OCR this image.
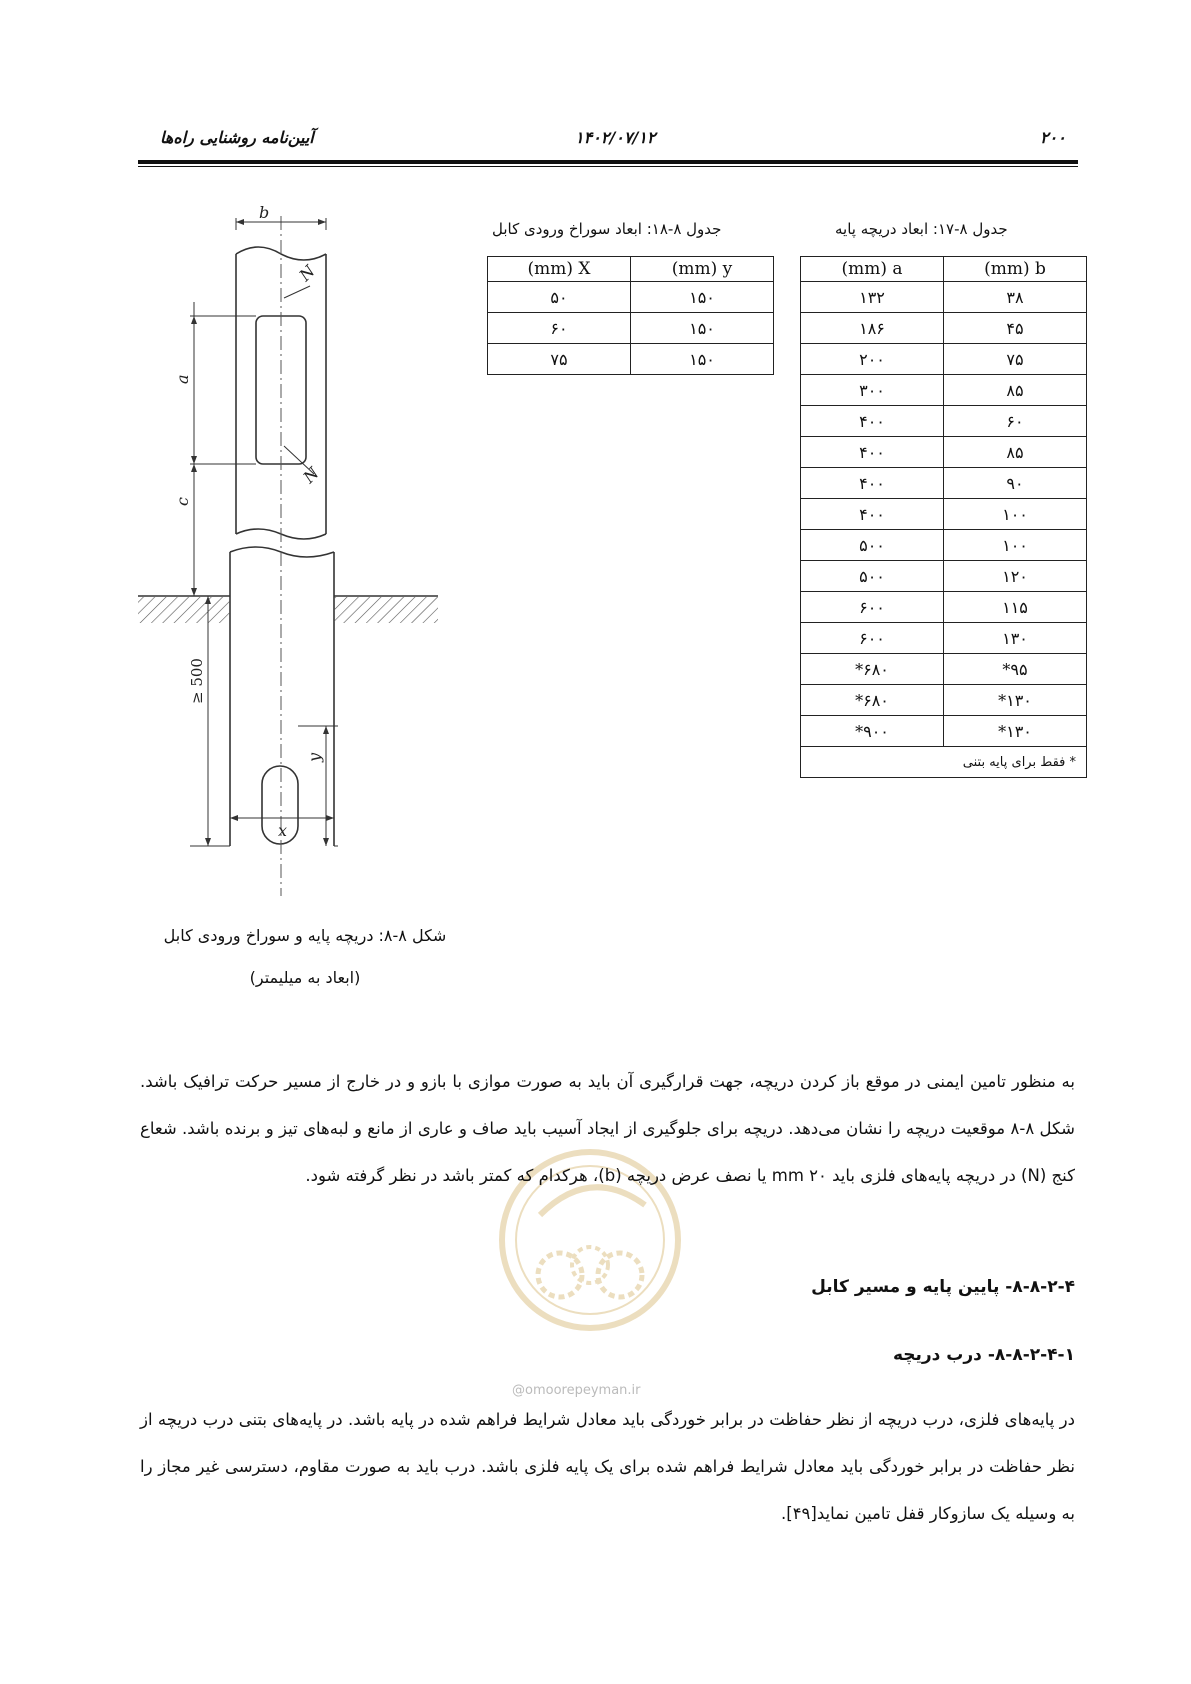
۲۰۰
۱۴۰۲/۰۷/۱۲
آیین‌نامه روشنایی راه‌ها
جدول ۸-۱۷: ابعاد دریچه پایه
(mm) a	(mm) b
۱۳۲	۳۸
۱۸۶	۴۵
۲۰۰	۷۵
۳۰۰	۸۵
۴۰۰	۶۰
۴۰۰	۸۵
۴۰۰	۹۰
۴۰۰	۱۰۰
۵۰۰	۱۰۰
۵۰۰	۱۲۰
۶۰۰	۱۱۵
۶۰۰	۱۳۰
*۶۸۰	*۹۵
*۶۸۰	*۱۳۰
*۹۰۰	*۱۳۰
* فقط برای پایه بتنی	
جدول ۸-۱۸: ابعاد سوراخ ورودی کابل
(mm) X	(mm) y
۵۰	۱۵۰
۶۰	۱۵۰
۷۵	۱۵۰
b
a
c
N
N
≥ 500
y
x
شکل ۸-۸: دریچه پایه و سوراخ ورودی کابل
(ابعاد به میلیمتر)
@omoorepeyman.ir
به منظور تامین ایمنی در موقع باز کردن دریچه، جهت قرارگیری آن باید به صورت موازی با بازو و در خارج از مسیر حرکت ترافیک باشد. شکل ۸-۸ موقعیت دریچه را نشان می‌دهد. دریچه برای جلوگیری از ایجاد آسیب باید صاف و عاری از مانع و لبه‌های تیز و برنده باشد. شعاع کنج (N) در دریچه پایه‌های فلزی باید ۲۰ mm یا نصف عرض دریچه (b)، هرکدام که کمتر باشد در نظر گرفته شود.
۸-۸-۲-۴- پایین پایه و مسیر کابل
۸-۸-۲-۴-۱- درب دریچه
در پایه‌های فلزی، درب دریچه از نظر حفاظت در برابر خوردگی باید معادل شرایط فراهم شده در پایه باشد. در پایه‌های بتنی درب دریچه از نظر حفاظت در برابر خوردگی باید معادل شرایط فراهم شده برای یک پایه فلزی باشد. درب باید به صورت مقاوم، دسترسی غیر مجاز را به وسیله یک سازوکار قفل تامین نماید[۴۹].
